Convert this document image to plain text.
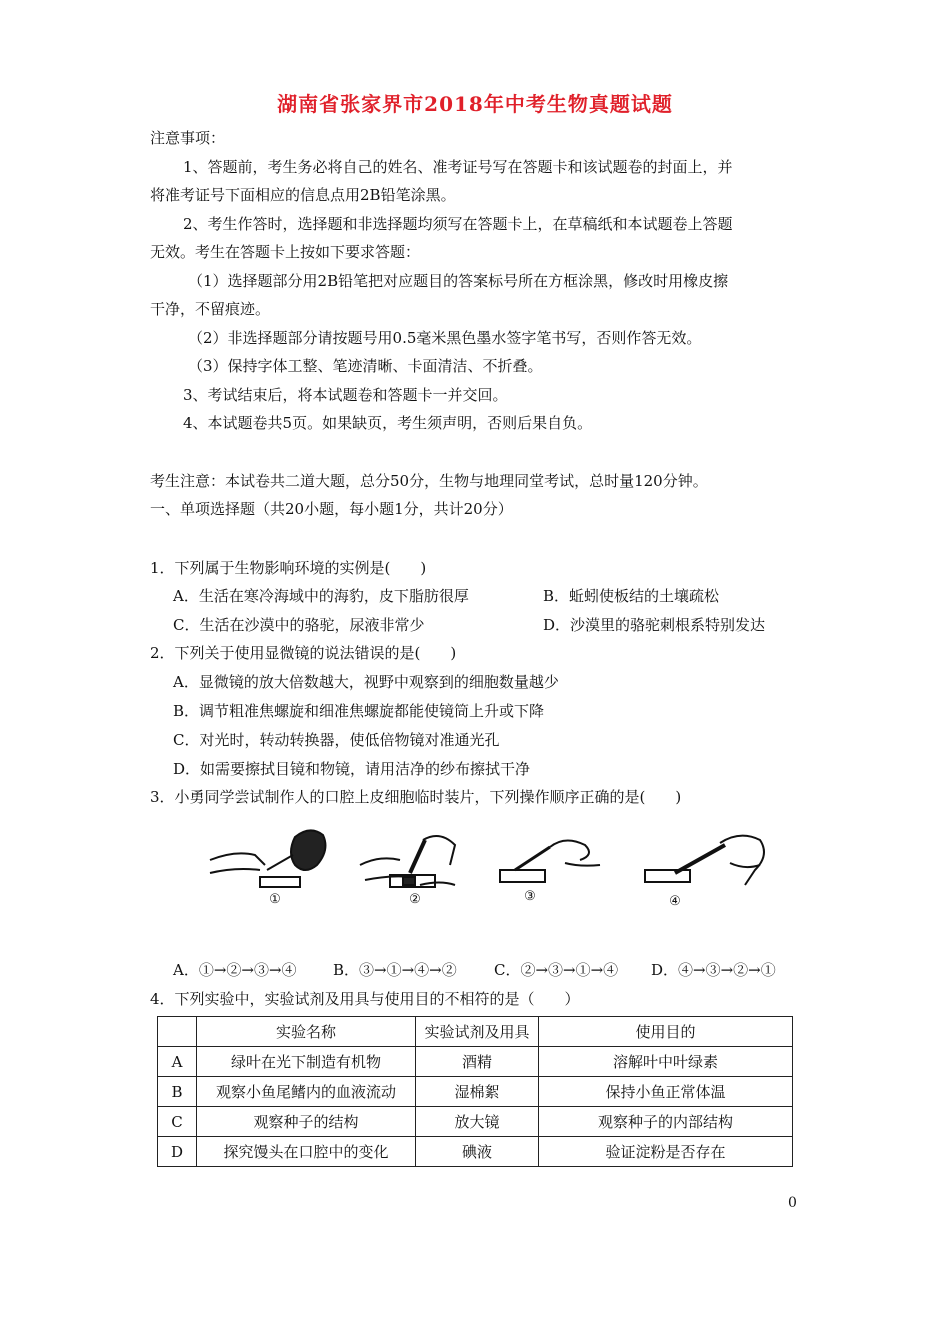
湖南省张家界市2018年中考生物真题试题
注意事项：
1、答题前，考生务必将自己的姓名、准考证号写在答题卡和该试题卷的封面上，并
将准考证号下面相应的信息点用2B铅笔涂黑。
2、考生作答时，选择题和非选择题均须写在答题卡上，在草稿纸和本试题卷上答题
无效。考生在答题卡上按如下要求答题：
（1）选择题部分用2B铅笔把对应题目的答案标号所在方框涂黑，修改时用橡皮擦
干净，不留痕迹。
（2）非选择题部分请按题号用0.5毫米黑色墨水签字笔书写，否则作答无效。
（3）保持字体工整、笔迹清晰、卡面清洁、不折叠。
3、考试结束后，将本试题卷和答题卡一并交回。
4、本试题卷共5页。如果缺页，考生须声明，否则后果自负。
考生注意：本试卷共二道大题，总分50分，生物与地理同堂考试，总时量120分钟。
一、单项选择题（共20小题，每小题1分，共计20分）
1．下列属于生物影响环境的实例是(　　)
A．生活在寒冷海域中的海豹，皮下脂肪很厚	B．蚯蚓使板结的土壤疏松
C．生活在沙漠中的骆驼，尿液非常少	D．沙漠里的骆驼刺根系特别发达
2．下列关于使用显微镜的说法错误的是(　　)
A．显微镜的放大倍数越大，视野中观察到的细胞数量越少
B．调节粗准焦螺旋和细准焦螺旋都能使镜筒上升或下降
C．对光时，转动转换器，使低倍物镜对准通光孔
D．如需要擦拭目镜和物镜，请用洁净的纱布擦拭干净
3．小勇同学尝试制作人的口腔上皮细胞临时装片，下列操作顺序正确的是(　　)
①	②	③	④
A．①→②→③→④ B．③→①→④→② C．②→③→①→④ D．④→③→②→①
4．下列实验中，实验试剂及用具与使用目的不相符的是（　　）
	实验名称	实验试剂及用具	使用目的
A	绿叶在光下制造有机物	酒精	溶解叶中叶绿素
B	观察小鱼尾鳍内的血液流动	湿棉絮	保持小鱼正常体温
C	观察种子的结构	放大镜	观察种子的内部结构
D	探究馒头在口腔中的变化	碘液	验证淀粉是否存在
0
